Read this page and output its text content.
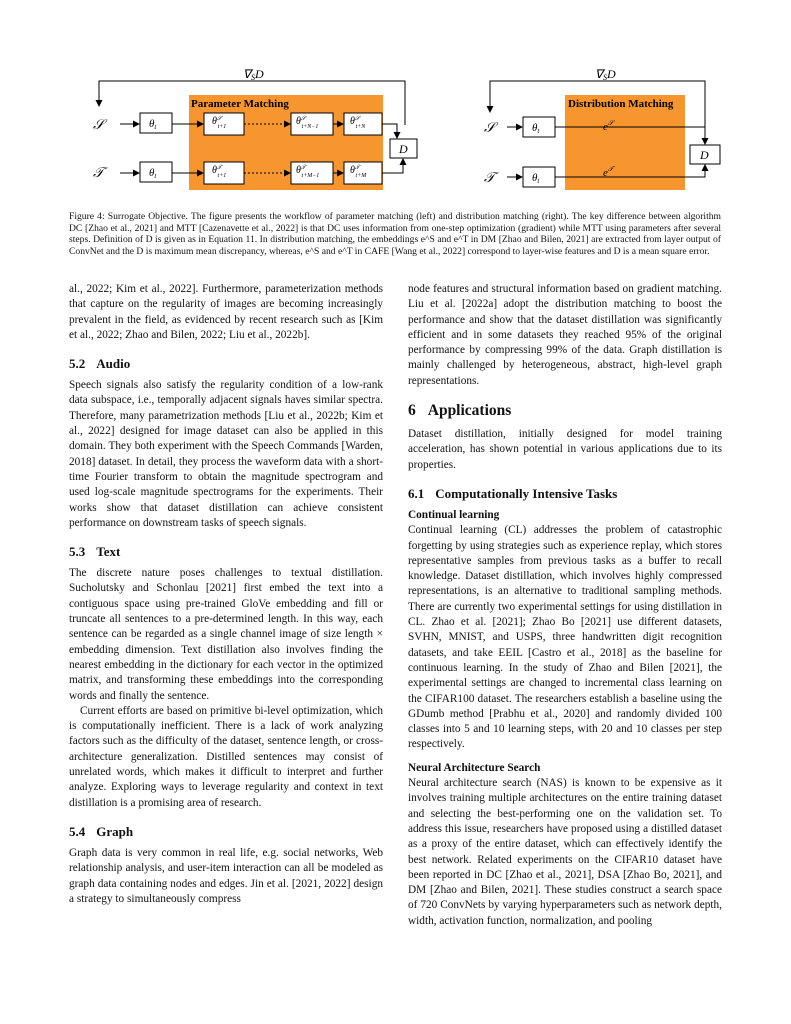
Parameter Matching
∇SD
𝒮	θt	$\theta^𝒮$ t+1	$\theta^𝒮$ t+N−1	$\theta^𝒮$ t+N
D
𝒯	θt	$\theta^𝒯$ t+1	$\theta^𝒯$ t+M−1	$\theta^𝒯$ t+M
Distribution Matching
∇SD
𝒮	θt	$e^𝒮$
D
𝒯	θt
$e^𝒯$

Figure 4: Surrogate Objective. The figure presents the workflow of parameter matching (left) and distribution matching (right). The key difference between algorithm DC [Zhao et al., 2021] and MTT [Cazenavette et al., 2022] is that DC uses information from one-step optimization (gradient) while MTT using parameters after several steps. Definition of D is given as in Equation 11. In distribution matching, the embeddings e^S and e^T in DM [Zhao and Bilen, 2021] are extracted from layer output of ConvNet and the D is maximum mean discrepancy, whereas, e^S and e^T in CAFE [Wang et al., 2022] correspond to layer-wise features and D is a mean square error.

al., 2022; Kim et al., 2022]. Furthermore, parameterization methods that capture on the regularity of images are becoming increasingly prevalent in the field, as evidenced by recent research such as [Kim et al., 2022; Zhao and Bilen, 2022; Liu et al., 2022b].

5.2 Audio

Speech signals also satisfy the regularity condition of a low-rank data subspace, i.e., temporally adjacent signals haves similar spectra. Therefore, many parametrization methods [Liu et al., 2022b; Kim et al., 2022] designed for image dataset can also be applied in this domain. They both experiment with the Speech Commands [Warden, 2018] dataset. In detail, they process the waveform data with a short-time Fourier transform to obtain the magnitude spectrogram and used log-scale magnitude spectrograms for the experiments. Their works show that dataset distillation can achieve consistent performance on downstream tasks of speech signals.

5.3 Text

The discrete nature poses challenges to textual distillation. Sucholutsky and Schonlau [2021] first embed the text into a contiguous space using pre-trained GloVe embedding and fill or truncate all sentences to a pre-determined length. In this way, each sentence can be regarded as a single channel image of size length × embedding dimension. Text distillation also involves finding the nearest embedding in the dictionary for each vector in the optimized matrix, and transforming these embeddings into the corresponding words and finally the sentence.

Current efforts are based on primitive bi-level optimization, which is computationally inefficient. There is a lack of work analyzing factors such as the difficulty of the dataset, sentence length, or cross-architecture generalization. Distilled sentences may consist of unrelated words, which makes it difficult to interpret and further analyze. Exploring ways to leverage regularity and context in text distillation is a promising area of research.

5.4 Graph

Graph data is very common in real life, e.g. social networks, Web relationship analysis, and user-item interaction can all be modeled as graph data containing nodes and edges. Jin et al. [2021, 2022] design a strategy to simultaneously compress

node features and structural information based on gradient matching. Liu et al. [2022a] adopt the distribution matching to boost the performance and show that the dataset distillation was significantly efficient and in some datasets they reached 95% of the original performance by compressing 99% of the data. Graph distillation is mainly challenged by heterogeneous, abstract, high-level graph representations.

6 Applications

Dataset distillation, initially designed for model training acceleration, has shown potential in various applications due to its properties.

6.1 Computationally Intensive Tasks
Continual learning

Continual learning (CL) addresses the problem of catastrophic forgetting by using strategies such as experience replay, which stores representative samples from previous tasks as a buffer to recall knowledge. Dataset distillation, which involves highly compressed representations, is an alternative to traditional sampling methods. There are currently two experimental settings for using distillation in CL. Zhao et al. [2021]; Zhao Bo [2021] use different datasets, SVHN, MNIST, and USPS, three handwritten digit recognition datasets, and take EEIL [Castro et al., 2018] as the baseline for continuous learning. In the study of Zhao and Bilen [2021], the experimental settings are changed to incremental class learning on the CIFAR100 dataset. The researchers establish a baseline using the GDumb method [Prabhu et al., 2020] and randomly divided 100 classes into 5 and 10 learning steps, with 20 and 10 classes per step respectively.

Neural Architecture Search

Neural architecture search (NAS) is known to be expensive as it involves training multiple architectures on the entire training dataset and selecting the best-performing one on the validation set. To address this issue, researchers have proposed using a distilled dataset as a proxy of the entire dataset, which can effectively identify the best network. Related experiments on the CIFAR10 dataset have been reported in DC [Zhao et al., 2021], DSA [Zhao Bo, 2021], and DM [Zhao and Bilen, 2021]. These studies construct a search space of 720 ConvNets by varying hyperparameters such as network depth, width, activation function, normalization, and pooling
